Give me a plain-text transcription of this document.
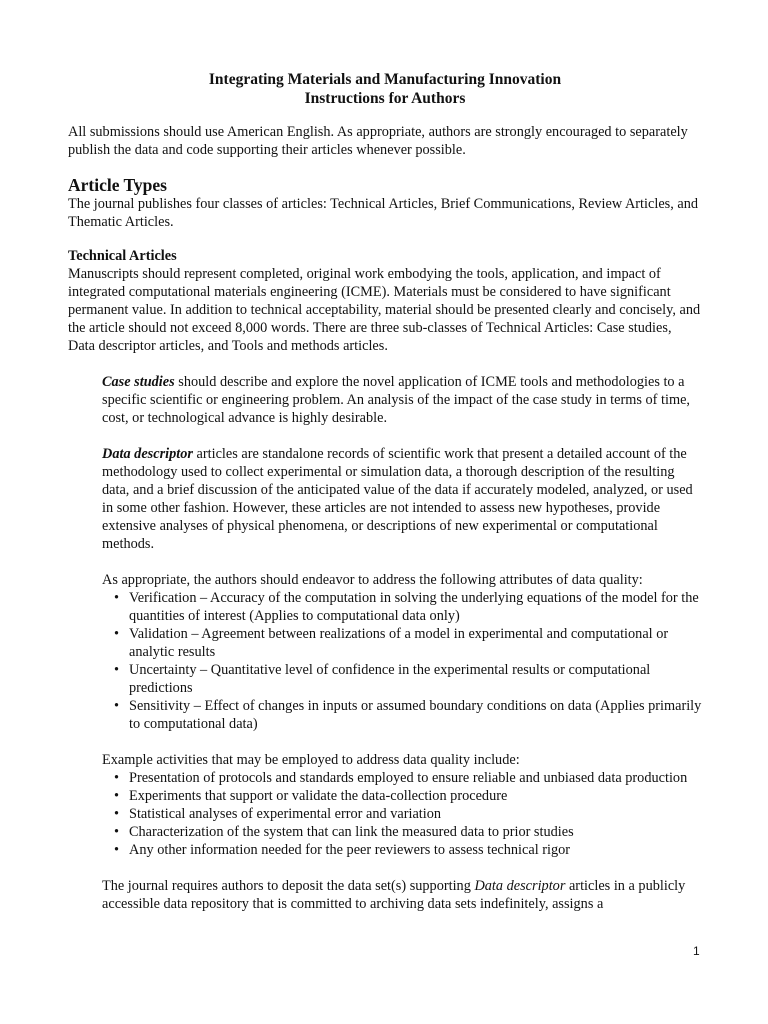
Integrating Materials and Manufacturing Innovation

Instructions for Authors

All submissions should use American English. As appropriate, authors are strongly encouraged to separately publish the data and code supporting their articles whenever possible.

Article Types

The journal publishes four classes of articles: Technical Articles, Brief Communications, Review Articles, and Thematic Articles.

Technical Articles

Manuscripts should represent completed, original work embodying the tools, application, and impact of integrated computational materials engineering (ICME). Materials must be considered to have significant permanent value. In addition to technical acceptability, material should be presented clearly and concisely, and the article should not exceed 8,000 words. There are three sub-classes of Technical Articles: Case studies, Data descriptor articles, and Tools and methods articles.

Case studies should describe and explore the novel application of ICME tools and methodologies to a specific scientific or engineering problem. An analysis of the impact of the case study in terms of time, cost, or technological advance is highly desirable.

Data descriptor articles are standalone records of scientific work that present a detailed account of the methodology used to collect experimental or simulation data, a thorough description of the resulting data, and a brief discussion of the anticipated value of the data if accurately modeled, analyzed, or used in some other fashion. However, these articles are not intended to assess new hypotheses, provide extensive analyses of physical phenomena, or descriptions of new experimental or computational methods.

As appropriate, the authors should endeavor to address the following attributes of data quality:

• Verification – Accuracy of the computation in solving the underlying equations of the model for the quantities of interest (Applies to computational data only)
• Validation – Agreement between realizations of a model in experimental and computational or analytic results
• Uncertainty – Quantitative level of confidence in the experimental results or computational predictions
• Sensitivity – Effect of changes in inputs or assumed boundary conditions on data (Applies primarily to computational data)

Example activities that may be employed to address data quality include:

• Presentation of protocols and standards employed to ensure reliable and unbiased data production
• Experiments that support or validate the data-collection procedure
• Statistical analyses of experimental error and variation
• Characterization of the system that can link the measured data to prior studies
• Any other information needed for the peer reviewers to assess technical rigor

The journal requires authors to deposit the data set(s) supporting Data descriptor articles in a publicly accessible data repository that is committed to archiving data sets indefinitely, assigns a

1
